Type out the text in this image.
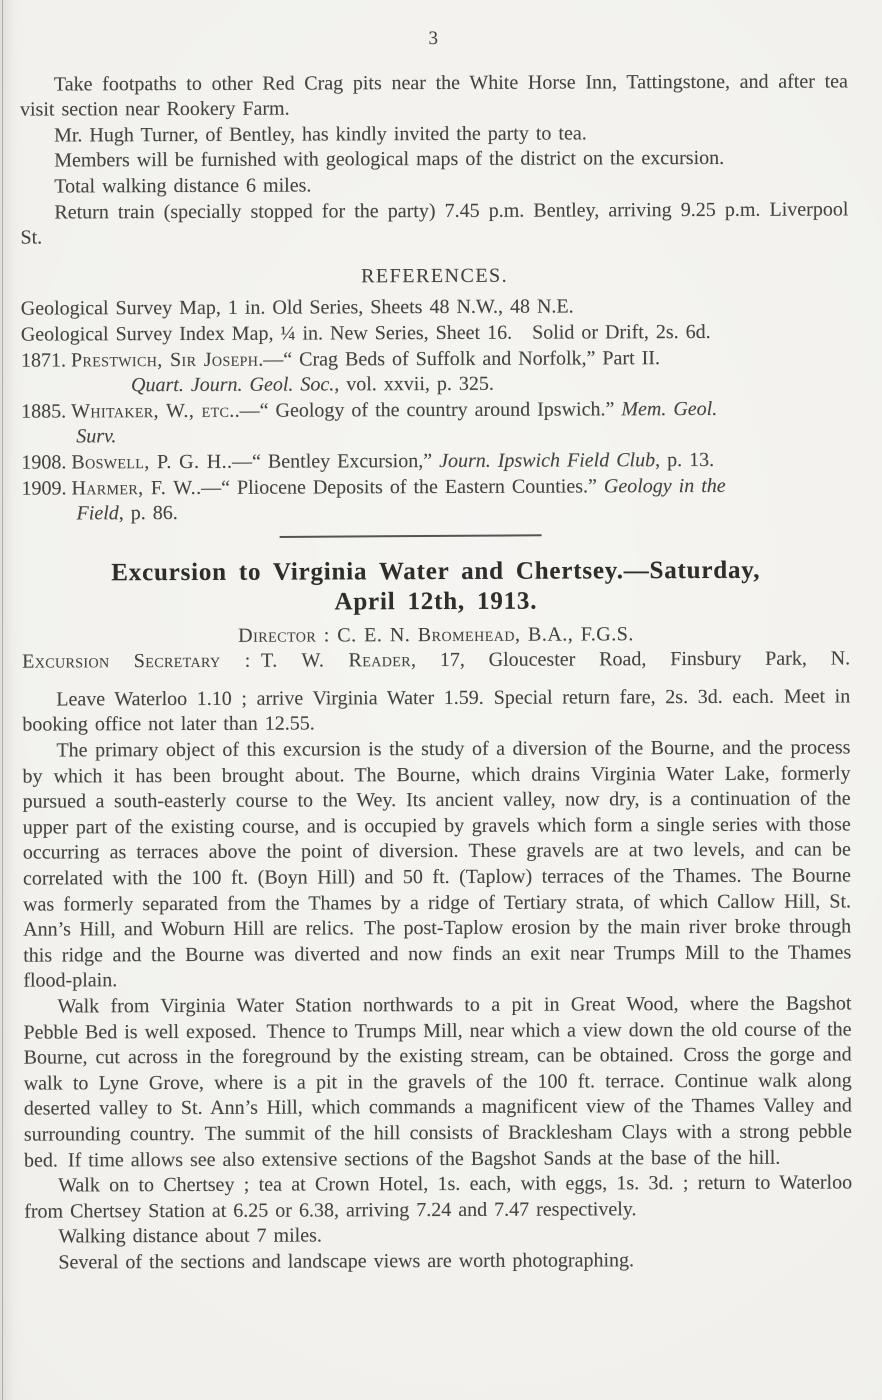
3

Take footpaths to other Red Crag pits near the White Horse Inn, Tattingstone, and after tea visit section near Rookery Farm.

Mr. Hugh Turner, of Bentley, has kindly invited the party to tea.

Members will be furnished with geological maps of the district on the excursion.

Total walking distance 6 miles.

Return train (specially stopped for the party) 7.45 p.m. Bentley, arriving 9.25 p.m. Liverpool St.

REFERENCES.

Geological Survey Map, 1 in. Old Series, Sheets 48 N.W., 48 N.E.

Geological Survey Index Map, ¼ in. New Series, Sheet 16.  Solid or Drift, 2s. 6d.

1871. Prestwich, Sir Joseph.—“ Crag Beds of Suffolk and Norfolk,” Part II.
Quart. Journ. Geol. Soc., vol. xxvii, p. 325.
1885. Whitaker, W., etc..—“ Geology of the country around Ipswich.” Mem. Geol.
Surv.
1908. Boswell, P. G. H..—“ Bentley Excursion,” Journ. Ipswich Field Club, p. 13.
1909. Harmer, F. W..—“ Pliocene Deposits of the Eastern Counties.” Geology in the
Field, p. 86.
Excursion to Virginia Water and Chertsey.—Saturday,
April 12th, 1913.
Director : C. E. N. Bromehead, B.A., F.G.S.

Excursion Secretary : T. W. Reader, 17, Gloucester Road, Finsbury Park, N.

Leave Waterloo 1.10 ; arrive Virginia Water 1.59. Special return fare, 2s. 3d. each. Meet in booking office not later than 12.55.

The primary object of this excursion is the study of a diversion of the Bourne, and the process by which it has been brought about. The Bourne, which drains Virginia Water Lake, formerly pursued a south-easterly course to the Wey. Its ancient valley, now dry, is a continuation of the upper part of the existing course, and is occupied by gravels which form a single series with those occurring as terraces above the point of diversion. These gravels are at two levels, and can be correlated with the 100 ft. (Boyn Hill) and 50 ft. (Taplow) terraces of the Thames. The Bourne was formerly separated from the Thames by a ridge of Tertiary strata, of which Callow Hill, St. Ann’s Hill, and Woburn Hill are relics. The post-Taplow erosion by the main river broke through this ridge and the Bourne was diverted and now finds an exit near Trumps Mill to the Thames flood-plain.

Walk from Virginia Water Station northwards to a pit in Great Wood, where the Bagshot Pebble Bed is well exposed. Thence to Trumps Mill, near which a view down the old course of the Bourne, cut across in the foreground by the existing stream, can be obtained. Cross the gorge and walk to Lyne Grove, where is a pit in the gravels of the 100 ft. terrace. Continue walk along deserted valley to St. Ann’s Hill, which commands a magnificent view of the Thames Valley and surrounding country. The summit of the hill consists of Bracklesham Clays with a strong pebble bed. If time allows see also extensive sections of the Bagshot Sands at the base of the hill.

Walk on to Chertsey ; tea at Crown Hotel, 1s. each, with eggs, 1s. 3d. ; return to Waterloo from Chertsey Station at 6.25 or 6.38, arriving 7.24 and 7.47 respectively.

Walking distance about 7 miles.

Several of the sections and landscape views are worth photographing.
